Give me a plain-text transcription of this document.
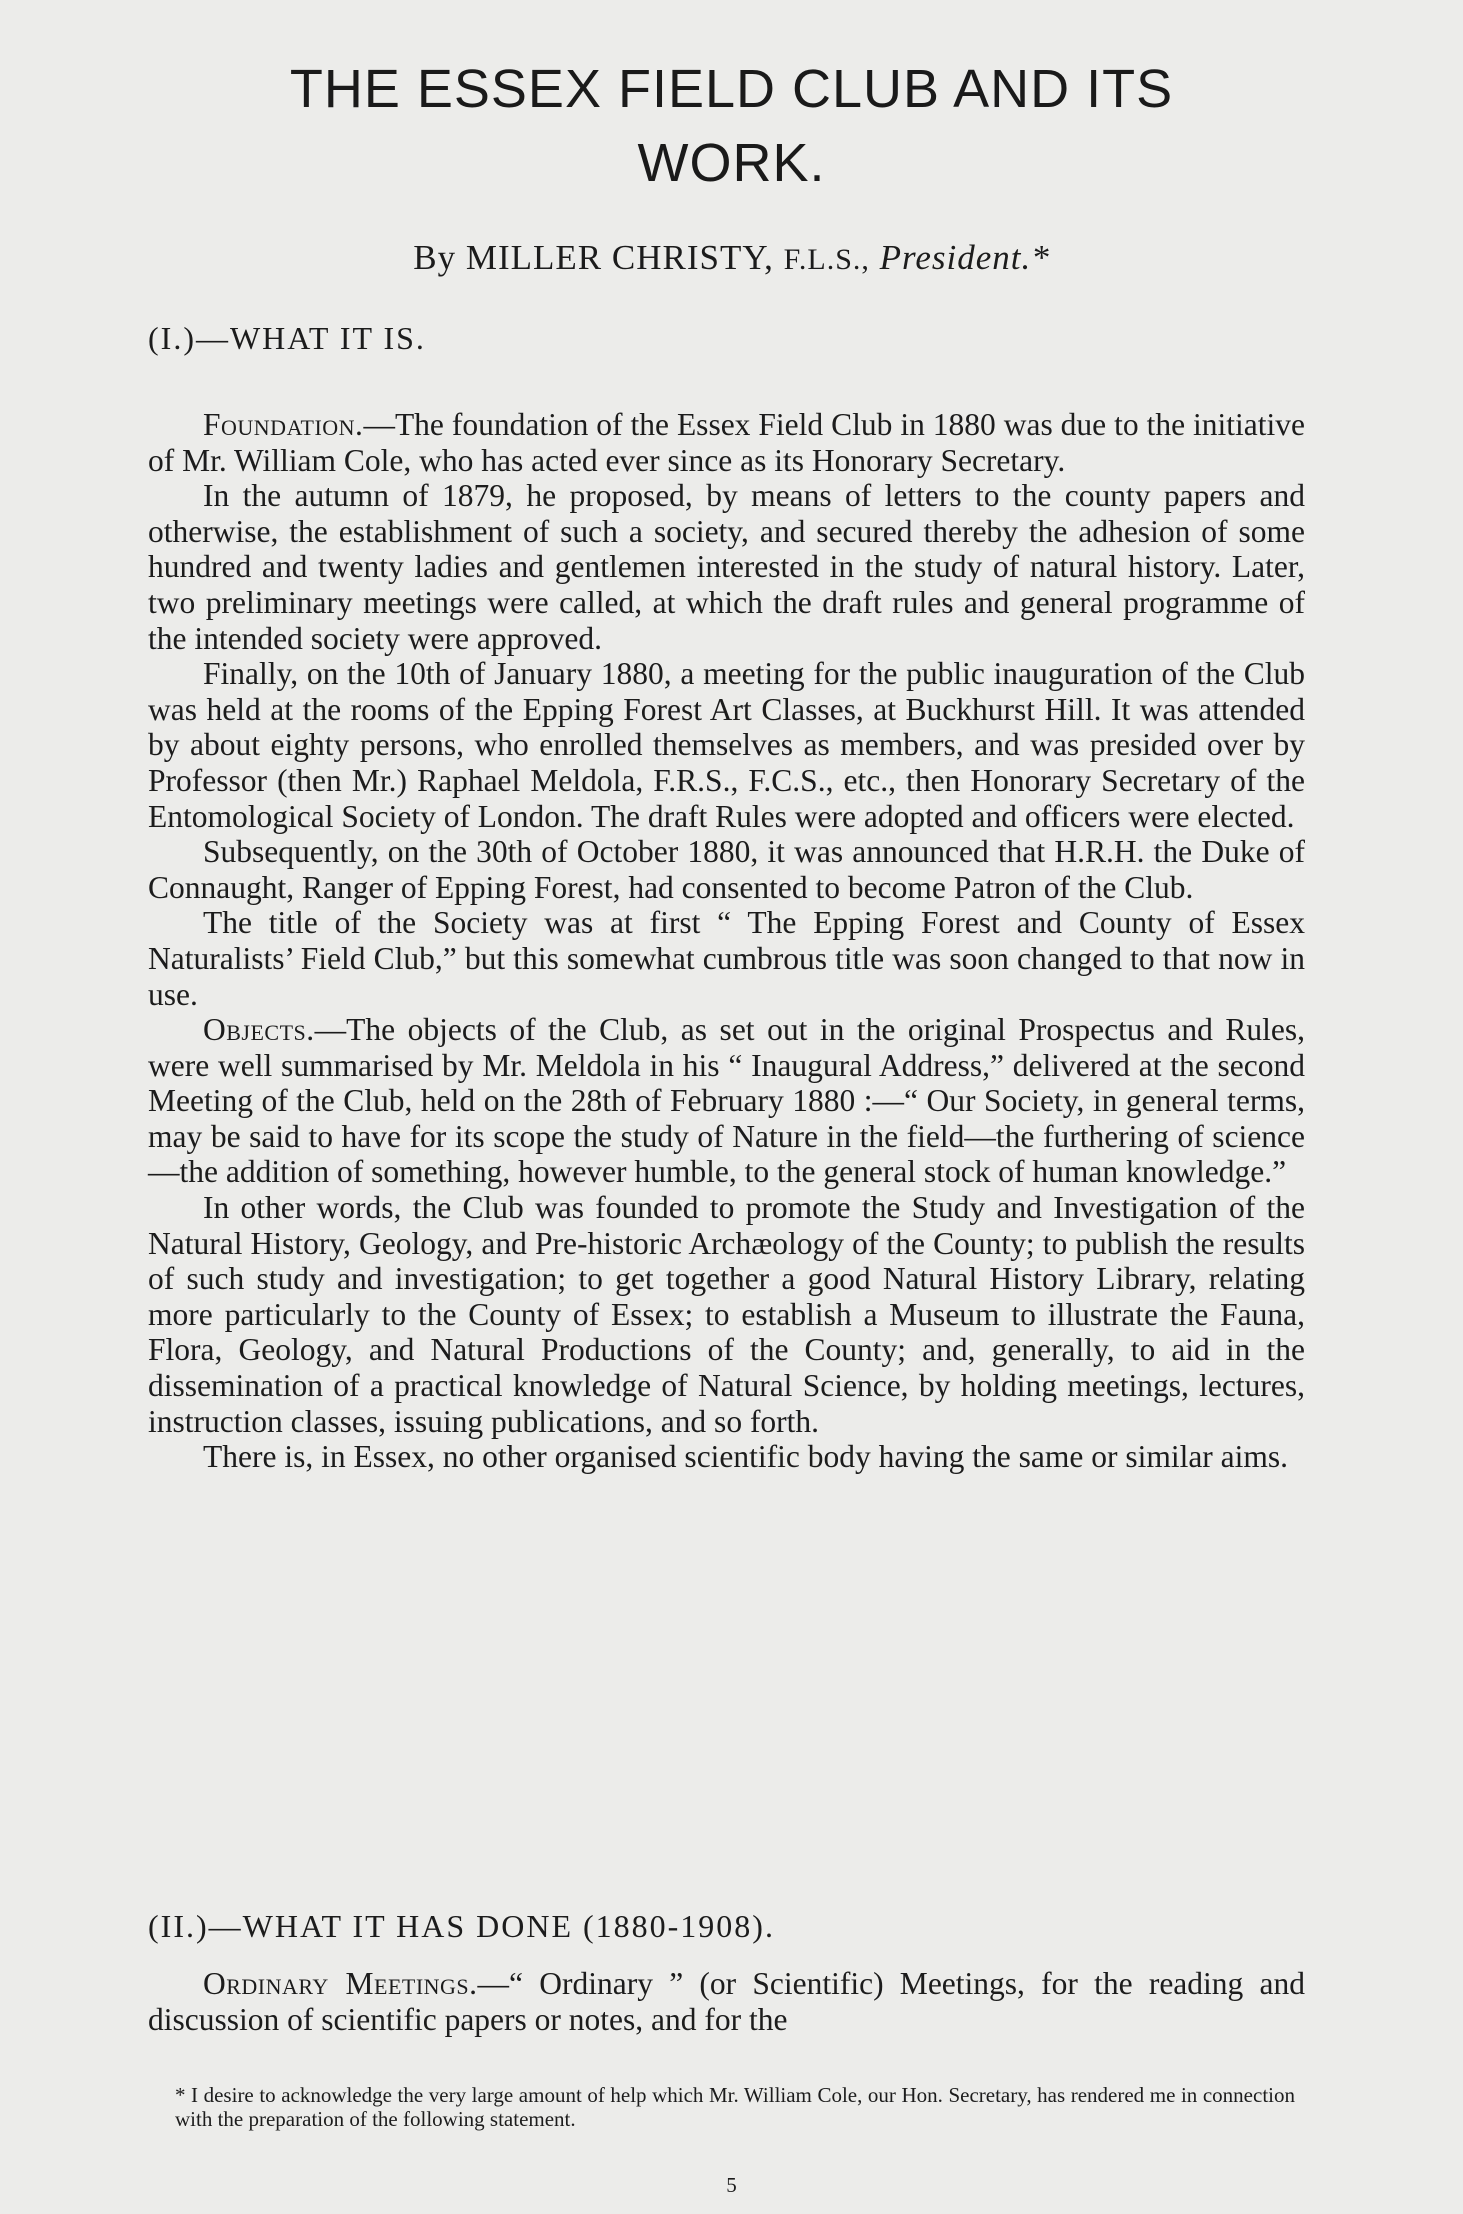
THE ESSEX FIELD CLUB AND ITS
WORK.
By MILLER CHRISTY, F.L.S., President.*
(I.)—WHAT IT IS.

Foundation.—The foundation of the Essex Field Club in 1880 was due to the initiative of Mr. William Cole, who has acted ever since as its Honorary Secretary.

In the autumn of 1879, he proposed, by means of letters to the county papers and otherwise, the establishment of such a society, and secured thereby the adhesion of some hundred and twenty ladies and gentlemen interested in the study of natural history. Later, two preliminary meetings were called, at which the draft rules and general programme of the intended society were approved.

Finally, on the 10th of January 1880, a meeting for the public inauguration of the Club was held at the rooms of the Epping Forest Art Classes, at Buckhurst Hill. It was attended by about eighty persons, who enrolled themselves as members, and was presided over by Professor (then Mr.) Raphael Meldola, F.R.S., F.C.S., etc., then Honorary Secretary of the Entomological Society of London. The draft Rules were adopted and officers were elected.

Subsequently, on the 30th of October 1880, it was announced that H.R.H. the Duke of Connaught, Ranger of Epping Forest, had consented to become Patron of the Club.

The title of the Society was at first “ The Epping Forest and County of Essex Naturalists’ Field Club,” but this somewhat cumbrous title was soon changed to that now in use.

Objects.—The objects of the Club, as set out in the original Prospectus and Rules, were well summarised by Mr. Meldola in his “ Inaugural Address,” delivered at the second Meeting of the Club, held on the 28th of February 1880 :—“ Our Society, in general terms, may be said to have for its scope the study of Nature in the field—the furthering of science—the addition of something, however humble, to the general stock of human knowledge.”

In other words, the Club was founded to promote the Study and Investigation of the Natural History, Geology, and Pre-historic Archæology of the County; to publish the results of such study and investigation; to get together a good Natural History Library, relating more particularly to the County of Essex; to establish a Museum to illustrate the Fauna, Flora, Geology, and Natural Productions of the County; and, generally, to aid in the dissemination of a practical knowledge of Natural Science, by holding meetings, lectures, instruction classes, issuing publications, and so forth.

There is, in Essex, no other organised scientific body having the same or similar aims.

(II.)—WHAT IT HAS DONE (1880-1908).

Ordinary Meetings.—“ Ordinary ” (or Scientific) Meetings, for the reading and discussion of scientific papers or notes, and for the

* I desire to acknowledge the very large amount of help which Mr. William Cole, our Hon. Secretary, has rendered me in connection with the preparation of the following statement.
5
